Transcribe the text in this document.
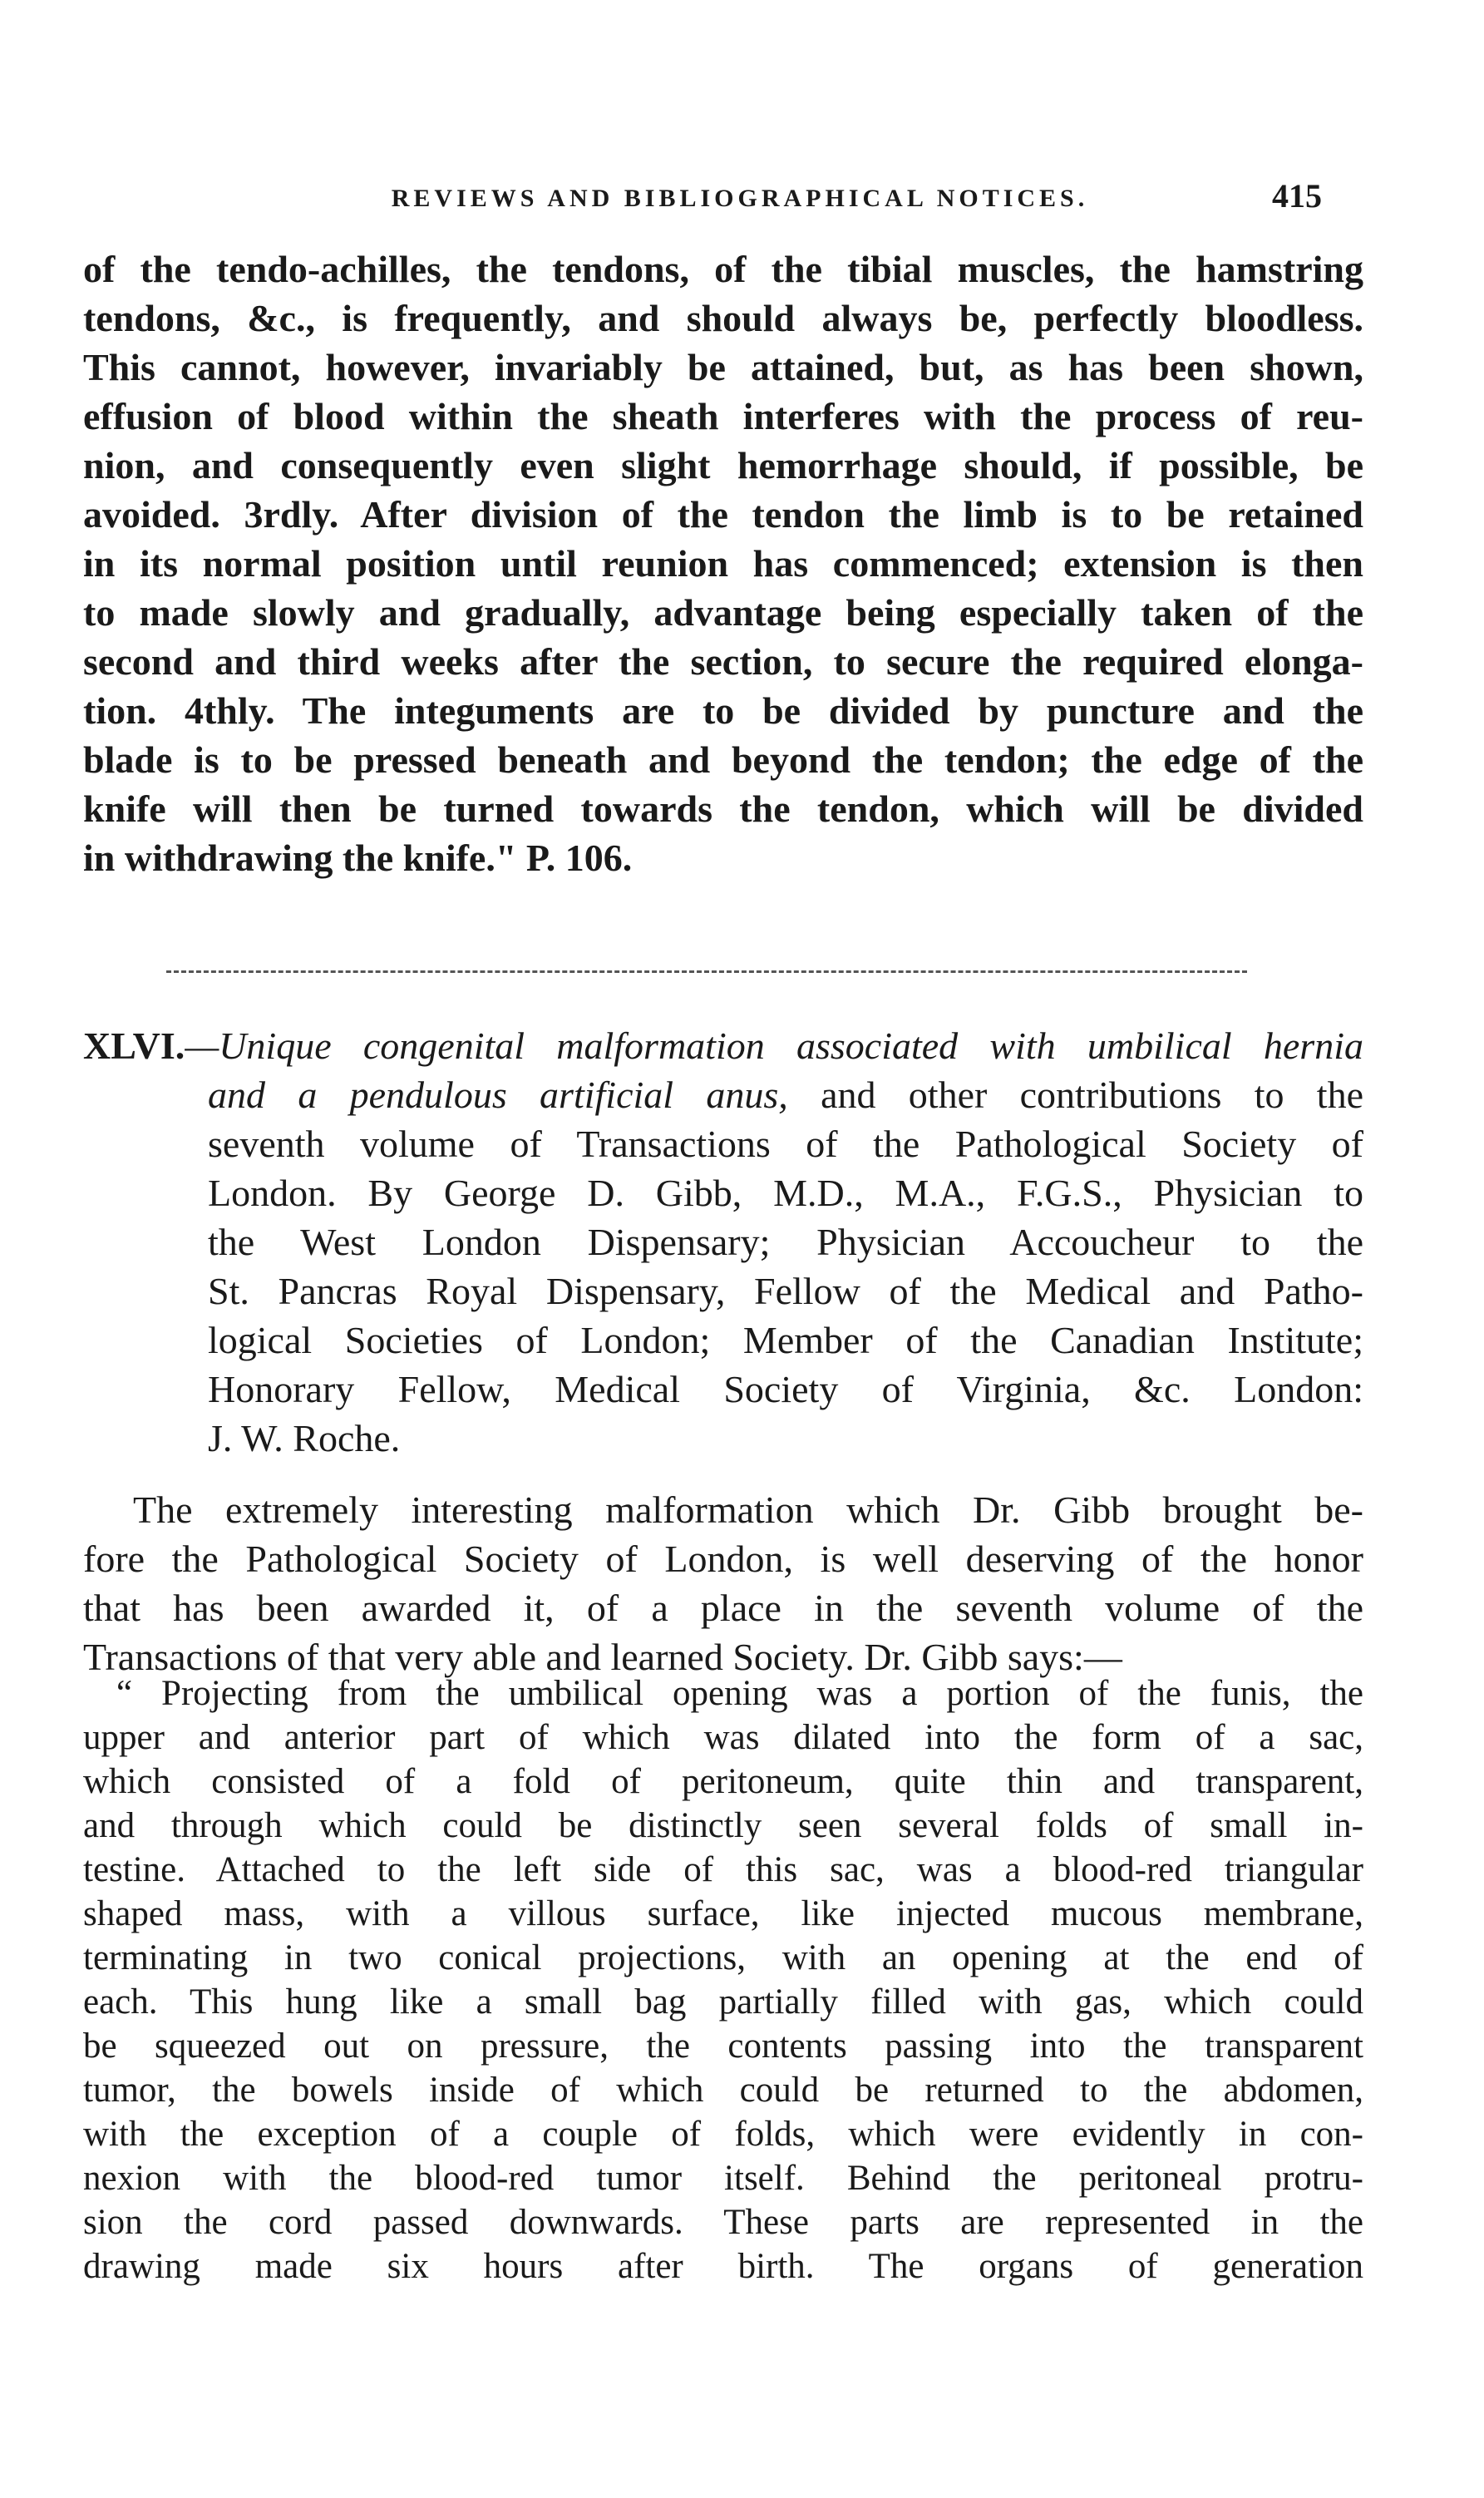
REVIEWS AND BIBLIOGRAPHICAL NOTICES.	415
of the tendo-achilles, the tendons, of the tibial muscles, the hamstring
tendons, &c., is frequently, and should always be, perfectly bloodless.
This cannot, however, invariably be attained, but, as has been shown,
effusion of blood within the sheath interferes with the process of reu-
nion, and consequently even slight hemorrhage should, if possible, be
avoided. 3rdly. After division of the tendon the limb is to be retained
in its normal position until reunion has commenced; extension is then
to made slowly and gradually, advantage being especially taken of the
second and third weeks after the section, to secure the required elonga-
tion. 4thly. The integuments are to be divided by puncture and the
blade is to be pressed beneath and beyond the tendon; the edge of the
knife will then be turned towards the tendon, which will be divided
in withdrawing the knife." P. 106.
XLVI.—Unique congenital malformation associated with umbilical hernia
and a pendulous artificial anus, and other contributions to the
seventh volume of Transactions of the Pathological Society of
London. By George D. Gibb, M.D., M.A., F.G.S., Physician to
the West London Dispensary; Physician Accoucheur to the
St. Pancras Royal Dispensary, Fellow of the Medical and Patho-
logical Societies of London; Member of the Canadian Institute;
Honorary Fellow, Medical Society of Virginia, &c. London:
J. W. Roche.
The extremely interesting malformation which Dr. Gibb brought be-
fore the Pathological Society of London, is well deserving of the honor
that has been awarded it, of a place in the seventh volume of the
Transactions of that very able and learned Society. Dr. Gibb says:—
“ Projecting from the umbilical opening was a portion of the funis, the
upper and anterior part of which was dilated into the form of a sac,
which consisted of a fold of peritoneum, quite thin and transparent,
and through which could be distinctly seen several folds of small in-
testine. Attached to the left side of this sac, was a blood-red triangular
shaped mass, with a villous surface, like injected mucous membrane,
terminating in two conical projections, with an opening at the end of
each. This hung like a small bag partially filled with gas, which could
be squeezed out on pressure, the contents passing into the transparent
tumor, the bowels inside of which could be returned to the abdomen,
with the exception of a couple of folds, which were evidently in con-
nexion with the blood-red tumor itself. Behind the peritoneal protru-
sion the cord passed downwards. These parts are represented in the
drawing made six hours after birth. The organs of generation
